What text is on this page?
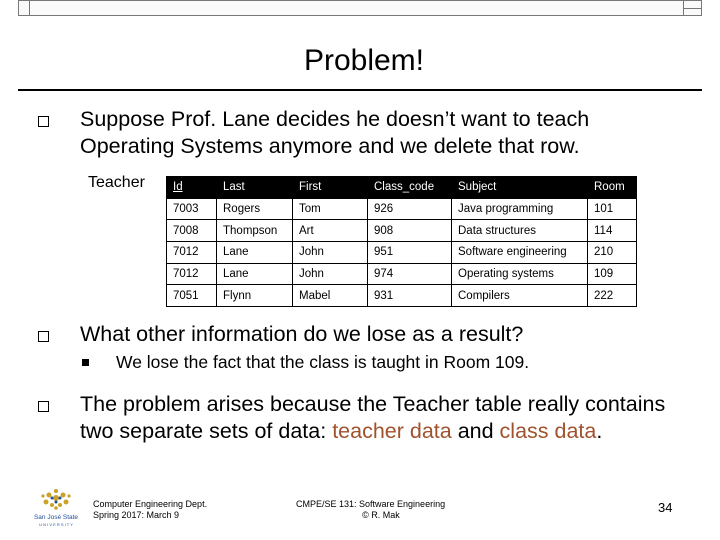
Problem!
Suppose Prof. Lane decides he doesn’t want to teach Operating Systems anymore and we delete that row.
Teacher Id	Last	First	Class_code	Subject	Room
7003	Rogers	Tom	926	Java programming	101
7008	Thompson	Art	908	Data structures	114
7012	Lane	John	951	Software engineering	210
7012	Lane	John	974	Operating systems	109
7051	Flynn	Mabel	931	Compilers	222
What other information do we lose as a result?
We lose the fact that the class is taught in Room 109.
The problem arises because the Teacher table really contains two separate sets of data: teacher data and class data.
San José State
U N I V E R S I T Y
Computer Engineering Dept.
Spring 2017: March 9
CMPE/SE 131: Software Engineering
© R. Mak	34
